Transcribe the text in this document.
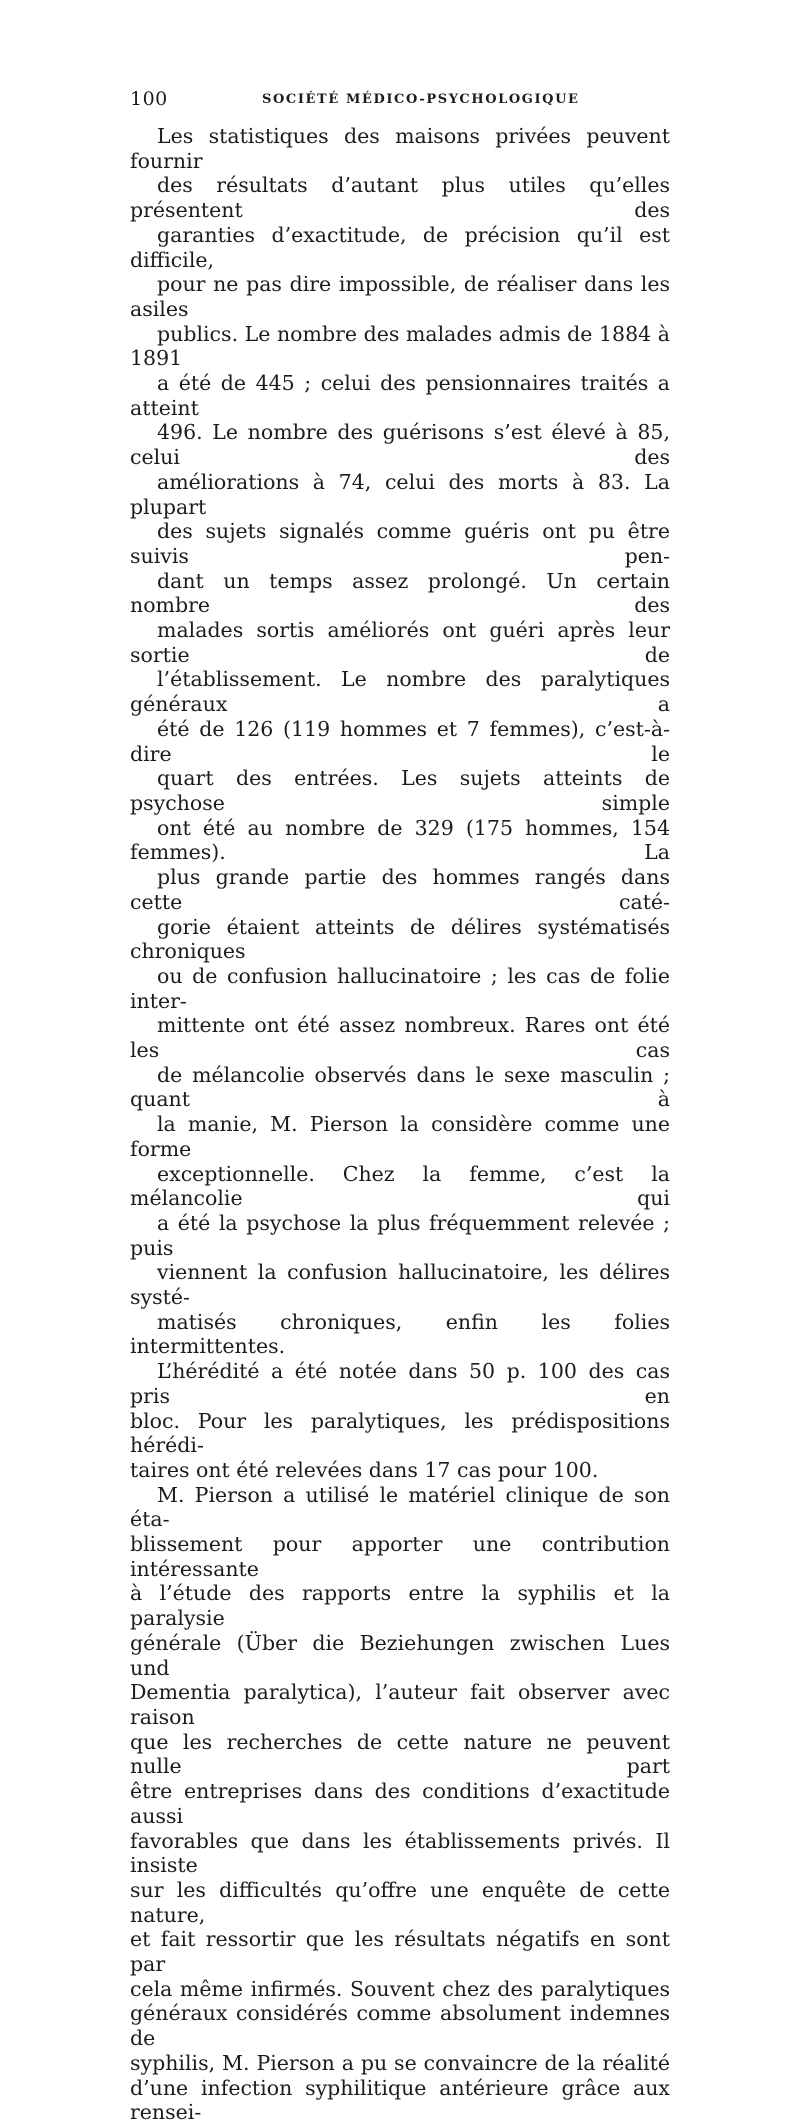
100	SOCIÉTÉ MÉDICO-PSYCHOLOGIQUE

Les statistiques des maisons privées peuvent fournir

des résultats d’autant plus utiles qu’elles présentent des

garanties d’exactitude, de précision qu’il est difficile,

pour ne pas dire impossible, de réaliser dans les asiles

publics. Le nombre des malades admis de 1884 à 1891

a été de 445 ; celui des pensionnaires traités a atteint

496. Le nombre des guérisons s’est élevé à 85, celui des

améliorations à 74, celui des morts à 83. La plupart

des sujets signalés comme guéris ont pu être suivis pen-

dant un temps assez prolongé. Un certain nombre des

malades sortis améliorés ont guéri après leur sortie de

l’établissement. Le nombre des paralytiques généraux a

été de 126 (119 hommes et 7 femmes), c’est-à-dire le

quart des entrées. Les sujets atteints de psychose simple

ont été au nombre de 329 (175 hommes, 154 femmes). La

plus grande partie des hommes rangés dans cette caté-

gorie étaient atteints de délires systématisés chroniques

ou de confusion hallucinatoire ; les cas de folie inter-

mittente ont été assez nombreux. Rares ont été les cas

de mélancolie observés dans le sexe masculin ; quant à

la manie, M. Pierson la considère comme une forme

exceptionnelle. Chez la femme, c’est la mélancolie qui

a été la psychose la plus fréquemment relevée ; puis

viennent la confusion hallucinatoire, les délires systé-

matisés chroniques, enfin les folies intermittentes.

L’hérédité a été notée dans 50 p. 100 des cas pris en

bloc. Pour les paralytiques, les prédispositions hérédi-

taires ont été relevées dans 17 cas pour 100.

M. Pierson a utilisé le matériel clinique de son éta-

blissement pour apporter une contribution intéressante

à l’étude des rapports entre la syphilis et la paralysie

générale (Über die Beziehungen zwischen Lues und

Dementia paralytica), l’auteur fait observer avec raison

que les recherches de cette nature ne peuvent nulle part

être entreprises dans des conditions d’exactitude aussi

favorables que dans les établissements privés. Il insiste

sur les difficultés qu’offre une enquête de cette nature,

et fait ressortir que les résultats négatifs en sont par

cela même infirmés. Souvent chez des paralytiques

généraux considérés comme absolument indemnes de

syphilis, M. Pierson a pu se convaincre de la réalité

d’une infection syphilitique antérieure grâce aux rensei-
